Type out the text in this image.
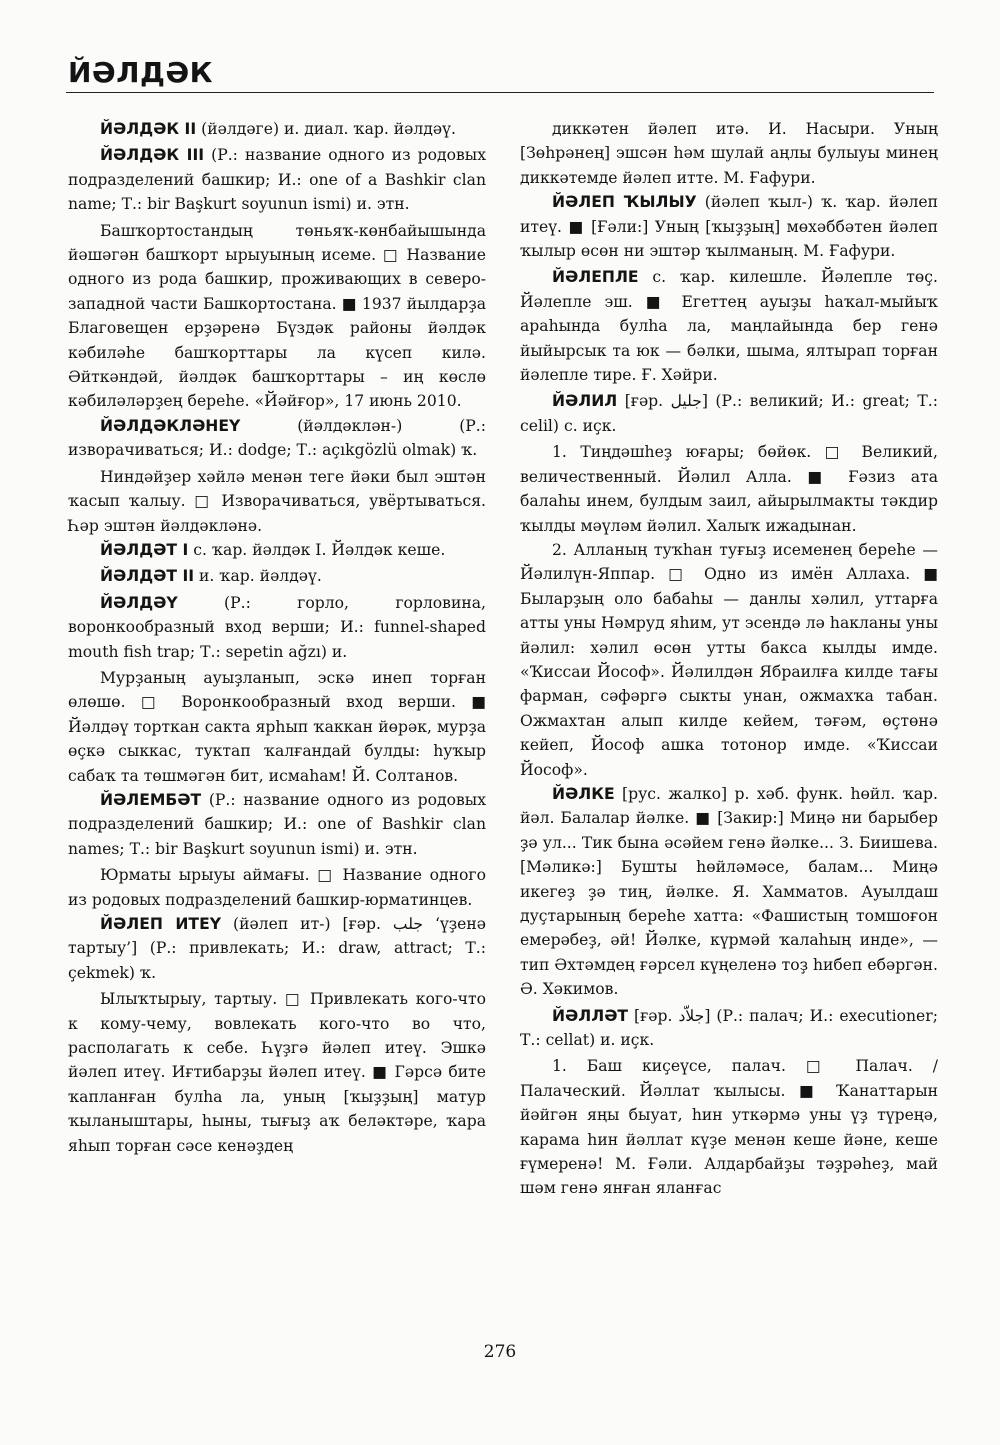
ЙӘЛДӘК

ЙӘЛДӘК II (йәлдәге) и. диал. ҡар. йәлдәү.

ЙӘЛДӘК III (Р.: название одного из родовых подразделений башкир; И.: one of a Bashkir clan name; Т.: bir Başkurt soyunun ismi) и. этн.

Башҡортостандың төньяҡ-көнбайышында йәшәгән башҡорт ырыуының исеме. □ Название одного из рода башкир, проживающих в северо-западной части Башкортостана. ■ 1937 йылдарҙа Благовещен ерҙәренә Бүздәк районы йәлдәк кәбиләһе башҡорттары ла күсеп килә. Әйткәндәй, йәлдәк башҡорттары – иң көслө кәбиләләрҙең береһе. «Йәйғор», 17 июнь 2010.

ЙӘЛДӘКЛӘНЕҮ (йәлдәклән-) (Р.: изворачиваться; И.: dodge; Т.: açıkgözlü olmak) ҡ.

Ниндәйҙер хәйлә менән теге йәки был эштән ҡасып ҡалыу. □ Изворачиваться, увёртываться. Һәр эштән йәлдәкләнә.

ЙӘЛДӘТ I с. ҡар. йәлдәк I. Йәлдәк кеше.

ЙӘЛДӘТ II и. ҡар. йәлдәү.

ЙӘЛДӘҮ (Р.: горло, горловина, воронкообразный вход верши; И.: funnel-shaped mouth fish trap; Т.: sepetin ağzı) и.

Мурҙаның ауыҙланып, эскә инеп торған өлөшө. □ Воронкообразный вход верши. ■ Йәлдәү торткан сакта ярһып ҡаккан йөрәк, мурҙа өҫкә сыккас, туктап ҡалғандай булды: һуҡыр сабаҡ та төшмәгән бит, исмаһам! Й. Солтанов.

ЙӘЛЕМБӘТ (Р.: название одного из родовых подразделений башкир; И.: one of Bashkir clan names; Т.: bir Başkurt soyunun ismi) и. этн.

Юрматы ырыуы аймағы. □ Название одного из родовых подразделений башкир-юрматинцев.

ЙӘЛЕП ИТЕҮ (йәлеп ит-) [ғәр. جلب ‘үҙенә тартыу’] (Р.: привлекать; И.: draw, attract; Т.: çekmek) ҡ.

Ылыҡтырыу, тартыу. □ Привлекать кого-что к кому-чему, вовлекать кого-что во что, располагать к себе. Һүҙгә йәлеп итеү. Эшкә йәлеп итеү. Иғтибарҙы йәлеп итеү. ■ Гәрсә бите ҡапланған булһа ла, уның [ҡыҙҙың] матур ҡыланыштары, һыны, тығыҙ аҡ беләктәре, ҡара яһып торған сәсе кенәҙдең

диккәтен йәлеп итә. И. Насыри. Уның [Зөһрәнең] эшсән һәм шулай аңлы булыуы минең диккәтемде йәлеп итте. М. Ғафури.

ЙӘЛЕП ҠЫЛЫУ (йәлеп ҡыл-) ҡ. ҡар. йәлеп итеү. ■ [Ғәли:] Уның [ҡыҙҙың] мөхәббәтен йәлеп ҡылыр өсөн ни эштәр ҡылманың. М. Ғафури.

ЙӘЛЕПЛЕ с. ҡар. килешле. Йәлепле төҫ. Йәлепле эш. ■ Егеттең ауыҙы һаҡал-мыйыҡ араһында булһа ла, маңлайында бер генә йыйырсык та юк — бәлки, шыма, ялтырап торған йәлепле тире. Ғ. Хәйри.

ЙӘЛИЛ [ғәр. جليل] (Р.: великий; И.: great; Т.: celil) с. иҫк.

1. Тиңдәшһеҙ юғары; бөйөк. □ Великий, величественный. Йәлил Алла. ■ Ғәзиз ата балаһы инем, булдым заил, айырылмакты тәкдир ҡылды мәүләм йәлил. Халыҡ ижадынан.

2. Алланың туҡһан туғыҙ исеменең береһе — Йәлилүн-Яппар. □ Одно из имён Аллаха. ■ Быларҙың оло бабаһы — данлы хәлил, уттарға атты уны Нәмруд яһим, ут эсендә лә һакланы уны йәлил: хәлил өсөн утты бакса кылды имде. «Ҡиссаи Йософ». Йәлилдән Ябраилға килде тағы фарман, сәфәргә сыкты унан, ожмахҡа табан. Ожмахтан алып килде кейем, тәғәм, өҫтөнә кейеп, Йософ ашка тотонор имде. «Ҡиссаи Йософ».

ЙӘЛКЕ [рус. жалко] р. хәб. функ. һөйл. ҡар. йәл. Балалар йәлке. ■ [Закир:] Миңә ни барыбер ҙә ул... Тик бына әсәйем генә йәлке... З. Биишева. [Мәликә:] Бушты һөйләмәсе, балам... Миңә икегеҙ ҙә тиң, йәлке. Я. Хамматов. Ауылдаш дуҫтарының береһе хатта: «Фашистың томшоғон емерәбеҙ, әй! Йәлке, күрмәй ҡалаһың инде», — тип Әхтәмдең ғәрсел күңеленә тоҙ һибеп ебәргән. Ә. Хәкимов.

ЙӘЛЛӘТ [ғәр. جلاّد] (Р.: палач; И.: executioner; Т.: cellat) и. иҫк.

1. Баш киҫеүсе, палач. □ Палач. / Палаческий. Йәллат ҡылысы. ■ Ҡанаттарын йәйгән яңы быуат, һин уткәрмә уны үҙ түреңә, карама һин йәллат күҙе менән кеше йәне, кеше ғүмеренә! М. Ғәли. Алдарбайҙы тәҙрәһеҙ, май шәм генә янған яланғас

276
